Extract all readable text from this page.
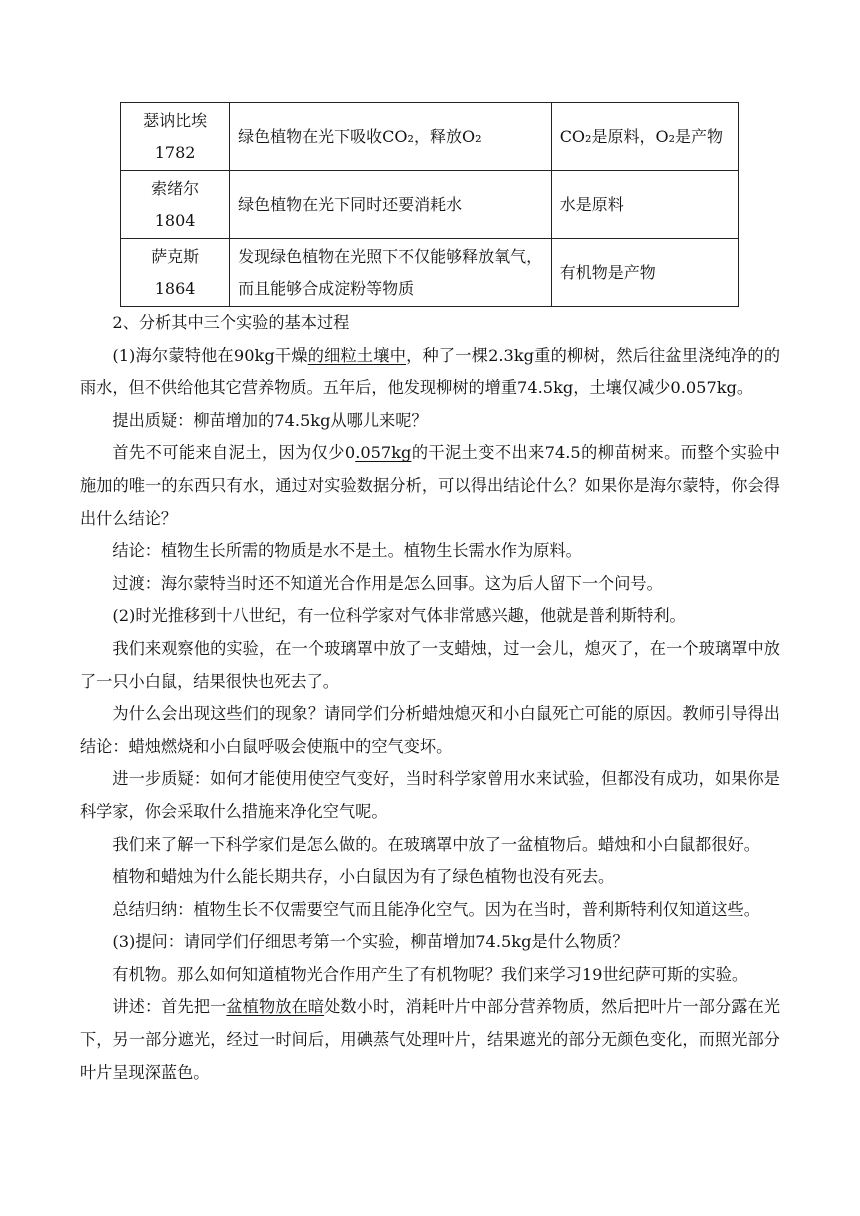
瑟讷比埃
1782	绿色植物在光下吸收CO₂，释放O₂	CO₂是原料，O₂是产物

索绪尔
1804	绿色植物在光下同时还要消耗水	水是原料

萨克斯
1864	发现绿色植物在光照下不仅能够释放氧气，而且能够合成淀粉等物质	有机物是产物

2、分析其中三个实验的基本过程

(1)海尔蒙特他在90kg干燥的细粒土壤中，种了一棵2.3kg重的柳树，然后往盆里浇纯净的的雨水，但不供给他其它营养物质。五年后，他发现柳树的增重74.5kg，土壤仅减少0.057kg。

提出质疑：柳苗增加的74.5kg从哪儿来呢？

首先不可能来自泥土，因为仅少0.057kg的干泥土变不出来74.5的柳苗树来。而整个实验中施加的唯一的东西只有水，通过对实验数据分析，可以得出结论什么？如果你是海尔蒙特，你会得出什么结论？

结论：植物生长所需的物质是水不是土。植物生长需水作为原料。

过渡：海尔蒙特当时还不知道光合作用是怎么回事。这为后人留下一个问号。

(2)时光推移到十八世纪，有一位科学家对气体非常感兴趣，他就是普利斯特利。

我们来观察他的实验，在一个玻璃罩中放了一支蜡烛，过一会儿，熄灭了，在一个玻璃罩中放了一只小白鼠，结果很快也死去了。

为什么会出现这些们的现象？请同学们分析蜡烛熄灭和小白鼠死亡可能的原因。教师引导得出结论：蜡烛燃烧和小白鼠呼吸会使瓶中的空气变坏。

进一步质疑：如何才能使用使空气变好，当时科学家曾用水来试验，但都没有成功，如果你是科学家，你会采取什么措施来净化空气呢。

我们来了解一下科学家们是怎么做的。在玻璃罩中放了一盆植物后。蜡烛和小白鼠都很好。

植物和蜡烛为什么能长期共存，小白鼠因为有了绿色植物也没有死去。

总结归纳：植物生长不仅需要空气而且能净化空气。因为在当时，普利斯特利仅知道这些。

(3)提问：请同学们仔细思考第一个实验，柳苗增加74.5kg是什么物质？

有机物。那么如何知道植物光合作用产生了有机物呢？我们来学习19世纪萨可斯的实验。

讲述：首先把一盆植物放在暗处数小时，消耗叶片中部分营养物质，然后把叶片一部分露在光下，另一部分遮光，经过一时间后，用碘蒸气处理叶片，结果遮光的部分无颜色变化，而照光部分叶片呈现深蓝色。
